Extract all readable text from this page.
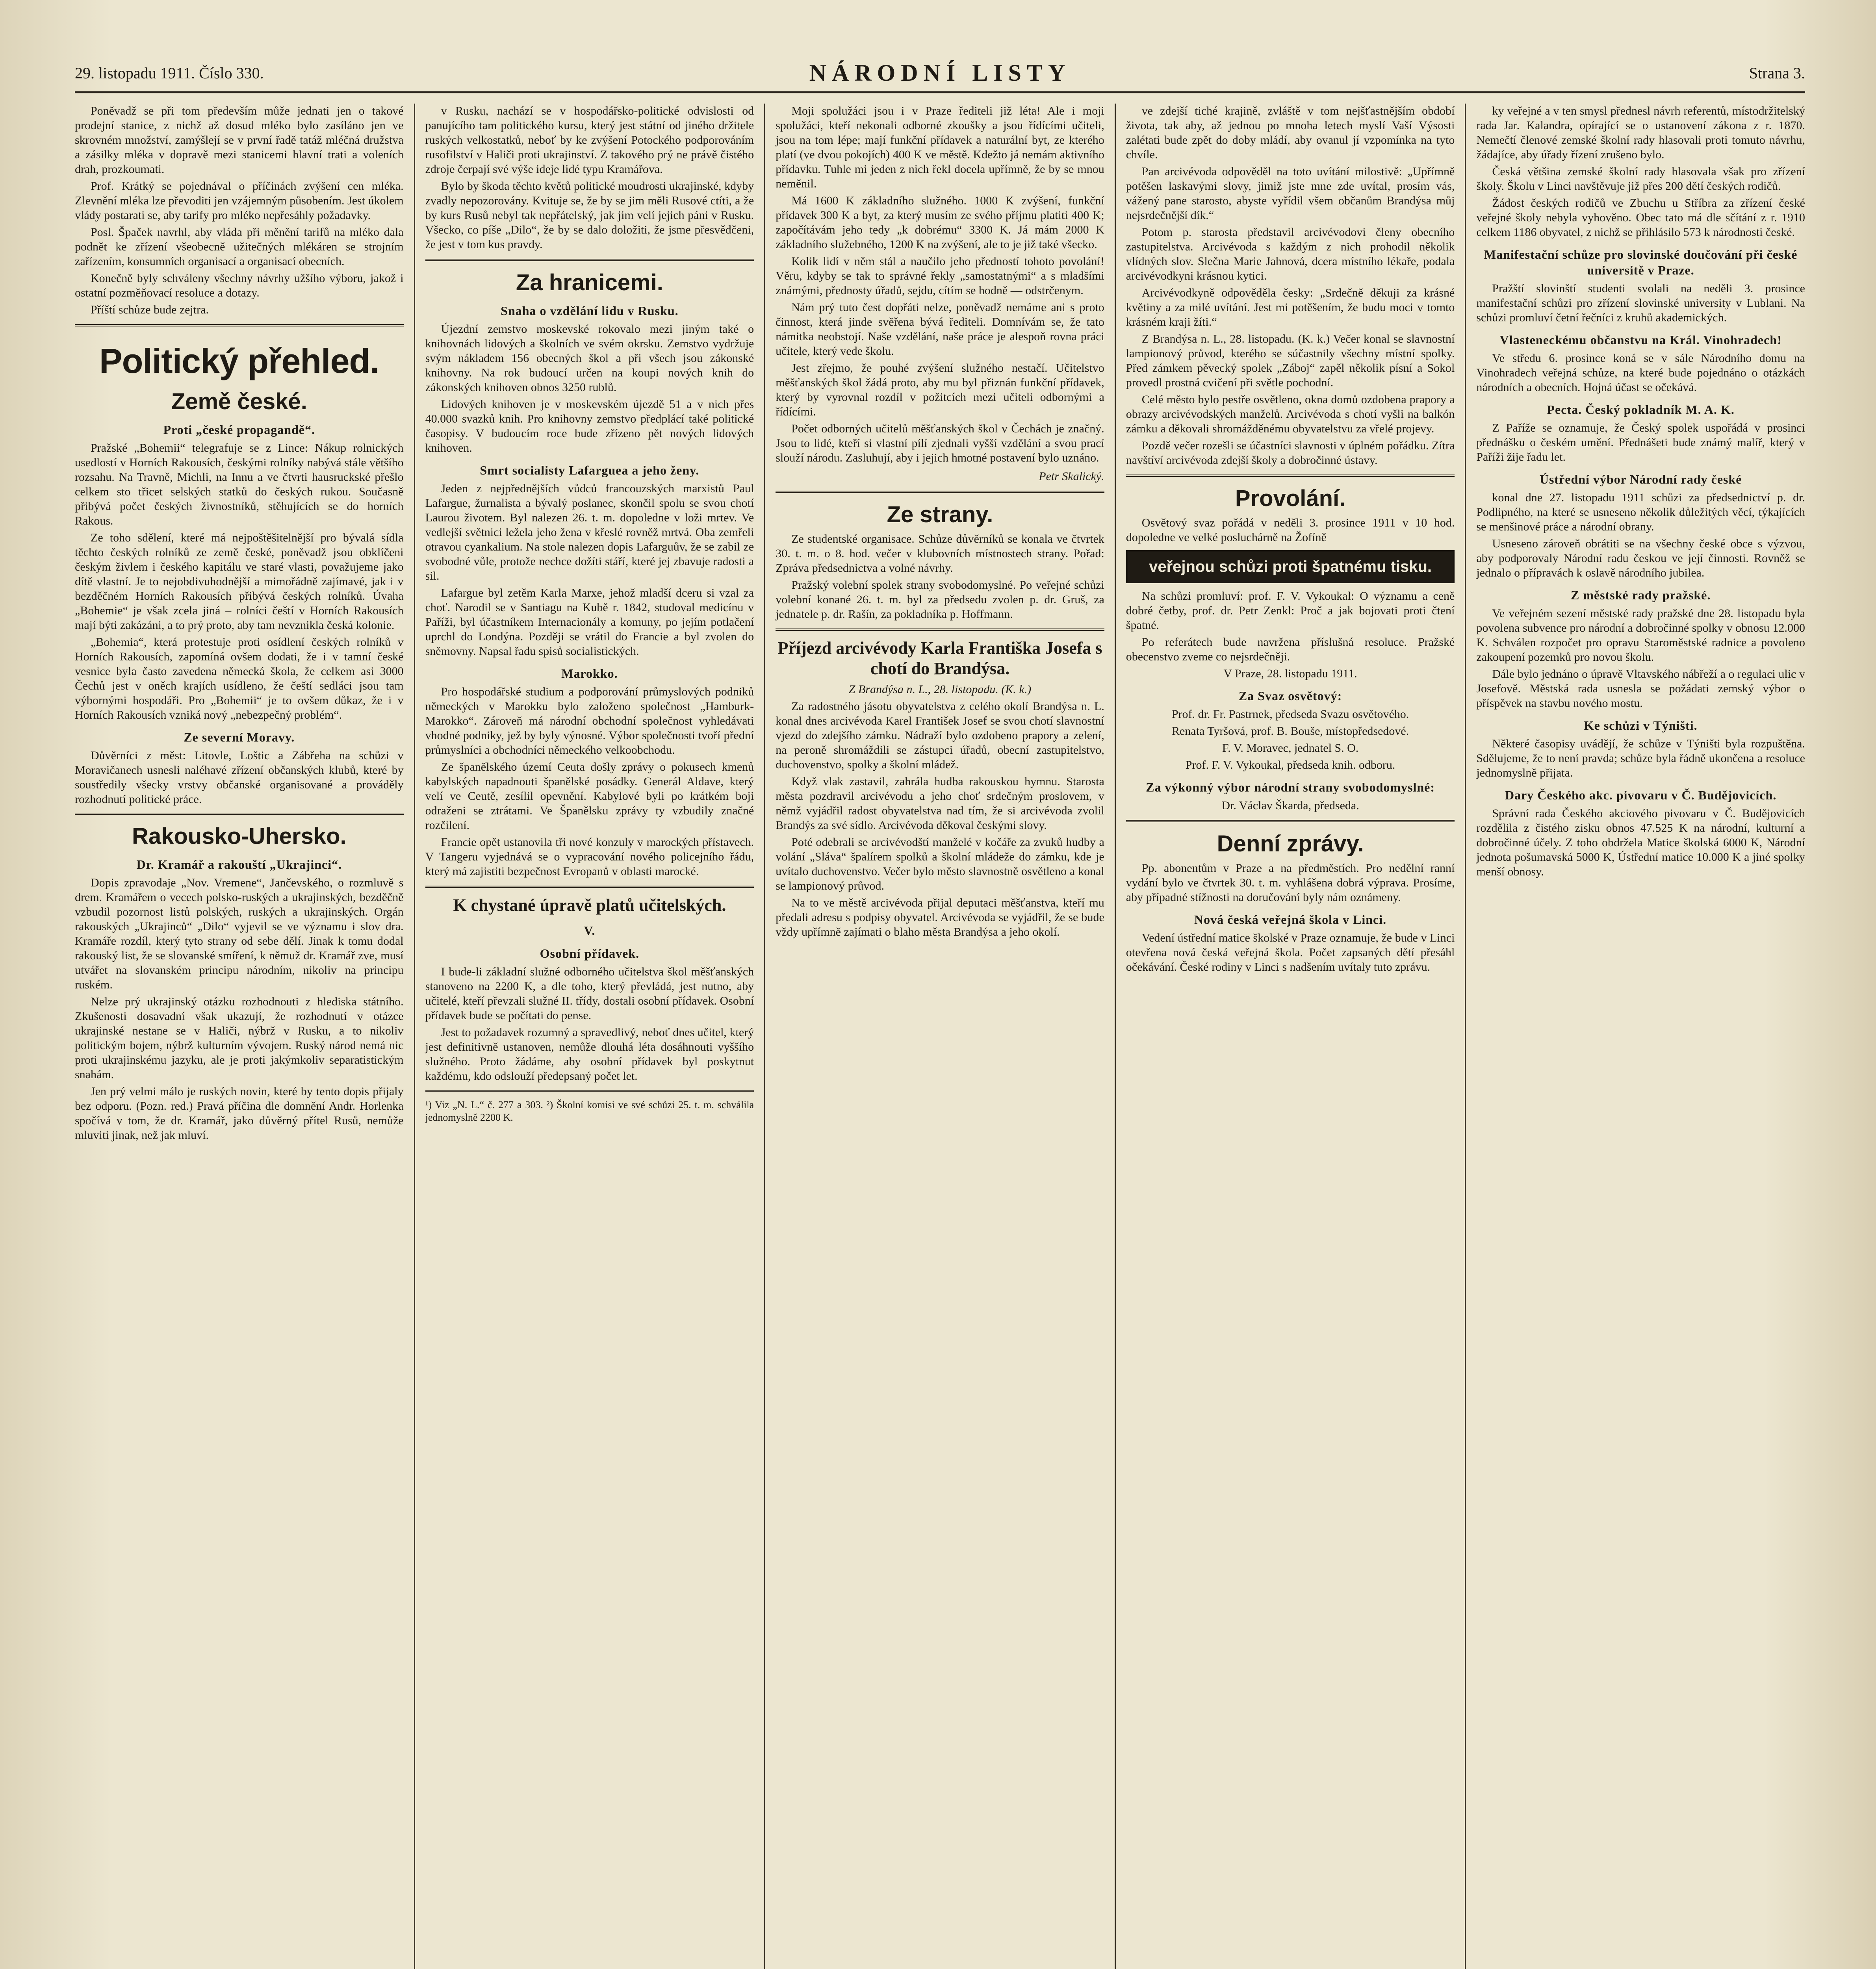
29. listopadu 1911. Číslo 330.	NÁRODNÍ LISTY	Strana 3.

Poněvadž se při tom především může jednati jen o takové prodejní stanice, z nichž až dosud mléko bylo zasíláno jen ve skrovném množství, zamýšlejí se v první řadě tatáž mléčná družstva a zásilky mléka v dopravě mezi stanicemi hlavní trati a voleních drah, prozkoumati.

Prof. Krátký se pojednával o příčinách zvýšení cen mléka. Zlevnění mléka lze převoditi jen vzájemným působením. Jest úkolem vlády postarati se, aby tarify pro mléko nepřesáhly požadavky.

Posl. Špaček navrhl, aby vláda při měnění tarifů na mléko dala podnět ke zřízení všeobecně užitečných mlékáren se strojním zařízením, konsumních organisací a organisací obecních.

Konečně byly schváleny všechny návrhy užšího výboru, jakož i ostatní pozměňovací resoluce a dotazy.

Příští schůze bude zejtra.

Politický přehled.
Země české.
Proti „české propagandě“.

Pražské „Bohemii“ telegrafuje se z Lince: Nákup rolnických usedlostí v Horních Rakousích, českými rolníky nabývá stále většího rozsahu. Na Travně, Michli, na Innu a ve čtvrti hausruckské přešlo celkem sto třicet selských statků do českých rukou. Současně přibývá počet českých živnostníků, stěhujících se do horních Rakous.

Ze toho sdělení, které má nejpoštěšitelnější pro bývalá sídla těchto českých rolníků ze země české, poněvadž jsou obklíčeni českým živlem i českého kapitálu ve staré vlasti, považujeme jako dítě vlastní. Je to nejobdivuhodnější a mimořádně zajímavé, jak i v bezděčném Horních Rakousích přibývá českých rolníků. Úvaha „Bohemie“ je však zcela jiná – rolníci čeští v Horních Rakousích mají býti zakázáni, a to prý proto, aby tam nevznikla česká kolonie.

„Bohemia“, která protestuje proti osídlení českých rolníků v Horních Rakousích, zapomíná ovšem dodati, že i v tamní české vesnice byla často zavedena německá škola, že celkem asi 3000 Čechů jest v oněch krajích usídleno, že čeští sedláci jsou tam výbornými hospodáři. Pro „Bohemii“ je to ovšem důkaz, že i v Horních Rakousích vzniká nový „nebezpečný problém“.

Ze severní Moravy.

Důvěrníci z měst: Litovle, Loštic a Zábřeha na schůzi v Moravičanech usnesli naléhavé zřízení občanských klubů, které by soustředily všecky vrstvy občanské organisované a prováděly rozhodnutí politické práce.

Rakousko-Uhersko.
Dr. Kramář a rakouští „Ukrajinci“.

Dopis zpravodaje „Nov. Vremene“, Jančevského, o rozmluvě s drem. Kramářem o vecech polsko-ruských a ukrajinských, bezděčně vzbudil pozornost listů polských, ruských a ukrajinských. Orgán rakouských „Ukrajinců“ „Dilo“ vyjevil se ve významu i slov dra. Kramáře rozdíl, který tyto strany od sebe dělí. Jinak k tomu dodal rakouský list, že se slovanské smíření, k němuž dr. Kramář zve, musí utvářet na slovanském principu národním, nikoliv na principu ruském.

Nelze prý ukrajinský otázku rozhodnouti z hlediska státního. Zkušenosti dosavadní však ukazují, že rozhodnutí v otázce ukrajinské nestane se v Haliči, nýbrž v Rusku, a to nikoliv politickým bojem, nýbrž kulturním vývojem. Ruský národ nemá nic proti ukrajinskému jazyku, ale je proti jakýmkoliv separatistickým snahám.

Jen prý velmi málo je ruských novin, které by tento dopis přijaly bez odporu. (Pozn. red.) Pravá příčina dle domnění Andr. Horlenka spočívá v tom, že dr. Kramář, jako důvěrný přítel Rusů, nemůže mluviti jinak, než jak mluví.

v Rusku, nachází se v hospodářsko-politické odvislosti od panujícího tam politického kursu, který jest státní od jiného držitele ruských velkostatků, neboť by ke zvýšení Potockého podporováním rusofilství v Haliči proti ukrajinství. Z takového prý ne právě čistého zdroje čerpají své výše ideje lidé typu Kramářova.

Bylo by škoda těchto květů politické moudrosti ukrajinské, kdyby zvadly nepozorovány. Kvituje se, že by se jim měli Rusové ctíti, a že by kurs Rusů nebyl tak nepřátelský, jak jim velí jejich páni v Rusku. Všecko, co píše „Dilo“, že by se dalo doložiti, že jsme přesvědčeni, že jest v tom kus pravdy.

Za hranicemi.
Snaha o vzdělání lidu v Rusku.

Újezdní zemstvo moskevské rokovalo mezi jiným také o knihovnách lidových a školních ve svém okrsku. Zemstvo vydržuje svým nákladem 156 obecných škol a při všech jsou zákonské knihovny. Na rok budoucí určen na koupi nových knih do zákonských knihoven obnos 3250 rublů.

Lidových knihoven je v moskevském újezdě 51 a v nich přes 40.000 svazků knih. Pro knihovny zemstvo předplácí také politické časopisy. V budoucím roce bude zřízeno pět nových lidových knihoven.

Smrt socialisty Lafarguea a jeho ženy.

Jeden z nejpřednějších vůdců francouzských marxistů Paul Lafargue, žurnalista a bývalý poslanec, skončil spolu se svou chotí Laurou životem. Byl nalezen 26. t. m. dopoledne v loži mrtev. Ve vedlejší světnici ležela jeho žena v křeslé rovněž mrtvá. Oba zemřeli otravou cyankalium. Na stole nalezen dopis Lafarguův, že se zabil ze svobodné vůle, protože nechce dožíti stáří, které jej zbavuje radosti a sil.

Lafargue byl zetěm Karla Marxe, jehož mladší dceru si vzal za choť. Narodil se v Santiagu na Kubě r. 1842, studoval medicínu v Paříži, byl účastníkem Internacionály a komuny, po jejím potlačení uprchl do Londýna. Později se vrátil do Francie a byl zvolen do sněmovny. Napsal řadu spisů socialistických.

Marokko.

Pro hospodářské studium a podporování průmyslových podniků německých v Marokku bylo založeno společnost „Hamburk-Marokko“. Zároveň má národní obchodní společnost vyhledávati vhodné podniky, jež by byly výnosné. Výbor společnosti tvoří přední průmyslníci a obchodníci německého velkoobchodu.

Ze španělského území Ceuta došly zprávy o pokusech kmenů kabylských napadnouti španělské posádky. Generál Aldave, který velí ve Ceutě, zesílil opevnění. Kabylové byli po krátkém boji odraženi se ztrátami. Ve Španělsku zprávy ty vzbudily značné rozčilení.

Francie opět ustanovila tři nové konzuly v marockých přístavech. V Tangeru vyjednává se o vypracování nového policejního řádu, který má zajistiti bezpečnost Evropanů v oblasti marocké.

K chystané úpravě platů učitelských.
V.
Osobní přídavek.

I bude-li základní služné odborného učitelstva škol měšťanských stanoveno na 2200 K, a dle toho, který převládá, jest nutno, aby učitelé, kteří převzali služné II. třídy, dostali osobní přídavek. Osobní přídavek bude se počítati do pense.

Jest to požadavek rozumný a spravedlivý, neboť dnes učitel, který jest definitivně ustanoven, nemůže dlouhá léta dosáhnouti vyššího služného. Proto žádáme, aby osobní přídavek byl poskytnut každému, kdo odslouží předepsaný počet let.

¹) Viz „N. L.“ č. 277 a 303. ²) Školní komisi ve své schůzi 25. t. m. schválila jednomyslně 2200 K.

Moji spolužáci jsou i v Praze řediteli již léta! Ale i moji spolužáci, kteří nekonali odborné zkoušky a jsou řídícími učiteli, jsou na tom lépe; mají funkční přídavek a naturální byt, ze kterého platí (ve dvou pokojích) 400 K ve městě. Kdežto já nemám aktivního přídavku. Tuhle mi jeden z nich řekl docela upřímně, že by se mnou neměnil.

Má 1600 K základního služného. 1000 K zvýšení, funkční přídavek 300 K a byt, za který musím ze svého příjmu platiti 400 K; započítávám jeho tedy „k dobrému“ 3300 K. Já mám 2000 K základního služebného, 1200 K na zvýšení, ale to je již také všecko.

Kolik lidí v něm stál a naučilo jeho předností tohoto povolání! Věru, kdyby se tak to správné řekly „samostatnými“ a s mladšími známými, přednosty úřadů, sejdu, cítím se hodně — odstrčenym.

Nám prý tuto čest dopřáti nelze, poněvadž nemáme ani s proto činnost, která jinde svěřena bývá řediteli. Domnívám se, že tato námitka neobstojí. Naše vzdělání, naše práce je alespoň rovna práci učitele, který vede školu.

Jest zřejmo, že pouhé zvýšení služného nestačí. Učitelstvo měšťanských škol žádá proto, aby mu byl přiznán funkční přídavek, který by vyrovnal rozdíl v požitcích mezi učiteli odbornými a řídícími.

Počet odborných učitelů měšťanských škol v Čechách je značný. Jsou to lidé, kteří si vlastní pílí zjednali vyšší vzdělání a svou prací slouží národu. Zasluhují, aby i jejich hmotné postavení bylo uznáno.

Petr Skalický.
Ze strany.

Ze studentské organisace. Schůze důvěrníků se konala ve čtvrtek 30. t. m. o 8. hod. večer v klubovních místnostech strany. Pořad: Zpráva předsednictva a volné návrhy.

Pražský volební spolek strany svobodomyslné. Po veřejné schůzi volební konané 26. t. m. byl za předsedu zvolen p. dr. Gruš, za jednatele p. dr. Rašín, za pokladníka p. Hoffmann.

Příjezd arcivévody Karla Františka Josefa s chotí do Brandýsa.

Z Brandýsa n. L., 28. listopadu. (K. k.)

Za radostného jásotu obyvatelstva z celého okolí Brandýsa n. L. konal dnes arcivévoda Karel František Josef se svou chotí slavnostní vjezd do zdejšího zámku. Nádraží bylo ozdobeno prapory a zelení, na peroně shromáždili se zástupci úřadů, obecní zastupitelstvo, duchovenstvo, spolky a školní mládež.

Když vlak zastavil, zahrála hudba rakouskou hymnu. Starosta města pozdravil arcivévodu a jeho choť srdečným proslovem, v němž vyjádřil radost obyvatelstva nad tím, že si arcivévoda zvolil Brandýs za své sídlo. Arcivévoda děkoval českými slovy.

Poté odebrali se arcivévodští manželé v kočáře za zvuků hudby a volání „Sláva“ špalírem spolků a školní mládeže do zámku, kde je uvítalo duchovenstvo. Večer bylo město slavnostně osvětleno a konal se lampionový průvod.

Na to ve městě arcivévoda přijal deputaci měšťanstva, kteří mu předali adresu s podpisy obyvatel. Arcivévoda se vyjádřil, že se bude vždy upřímně zajímati o blaho města Brandýsa a jeho okolí.

ve zdejší tiché krajině, zvláště v tom nejšťastnějším období života, tak aby, až jednou po mnoha letech myslí Vaší Výsosti zalétati bude zpět do doby mládí, aby ovanul jí vzpomínka na tyto chvíle.

Pan arcivévoda odpověděl na toto uvítání milostivě: „Upřímně potěšen laskavými slovy, jimiž jste mne zde uvítal, prosím vás, vážený pane starosto, abyste vyřídil všem občanům Brandýsa můj nejsrdečnější dík.“

Potom p. starosta představil arcivévodovi členy obecního zastupitelstva. Arcivévoda s každým z nich prohodil několik vlídných slov. Slečna Marie Jahnová, dcera místního lékaře, podala arcivévodkyni krásnou kytici.

Arcivévodkyně odpověděla česky: „Srdečně děkuji za krásné květiny a za milé uvítání. Jest mi potěšením, že budu moci v tomto krásném kraji žíti.“

Z Brandýsa n. L., 28. listopadu. (K. k.) Večer konal se slavnostní lampionový průvod, kterého se súčastnily všechny místní spolky. Před zámkem pěvecký spolek „Záboj“ zapěl několik písní a Sokol provedl prostná cvičení při světle pochodní.

Celé město bylo pestře osvětleno, okna domů ozdobena prapory a obrazy arcivévodských manželů. Arcivévoda s chotí vyšli na balkón zámku a děkovali shromážděnému obyvatelstvu za vřelé projevy.

Pozdě večer rozešli se účastníci slavnosti v úplném pořádku. Zítra navštíví arcivévoda zdejší školy a dobročinné ústavy.

Provolání.

Osvětový svaz pořádá v neděli 3. prosince 1911 v 10 hod. dopoledne ve velké posluchárně na Žofíně

veřejnou schůzi proti špatnému tisku.

Na schůzi promluví: prof. F. V. Vykoukal: O významu a ceně dobré četby, prof. dr. Petr Zenkl: Proč a jak bojovati proti čtení špatné.

Po referátech bude navržena příslušná resoluce. Pražské obecenstvo zveme co nejsrdečněji.

V Praze, 28. listopadu 1911.

Za Svaz osvětový:

Prof. dr. Fr. Pastrnek, předseda Svazu osvětového.

Renata Tyršová, prof. B. Bouše, místopředsedové.

F. V. Moravec, jednatel S. O.

Prof. F. V. Vykoukal, předseda knih. odboru.

Za výkonný výbor národní strany svobodomyslné:

Dr. Václav Škarda, předseda.

Denní zprávy.

Pp. abonentům v Praze a na předměstích. Pro nedělní ranní vydání bylo ve čtvrtek 30. t. m. vyhlášena dobrá výprava. Prosíme, aby případné stížnosti na doručování byly nám oznámeny.

Nová česká veřejná škola v Linci.

Vedení ústřední matice školské v Praze oznamuje, že bude v Linci otevřena nová česká veřejná škola. Počet zapsaných dětí přesáhl očekávání. České rodiny v Linci s nadšením uvítaly tuto zprávu.

ky veřejné a v ten smysl přednesl návrh referentů, místodržitelský rada Jar. Kalandra, opírající se o ustanovení zákona z r. 1870. Nemečtí členové zemské školní rady hlasovali proti tomuto návrhu, žádajíce, aby úřady řízení zrušeno bylo.

Česká většina zemské školní rady hlasovala však pro zřízení školy. Školu v Linci navštěvuje již přes 200 dětí českých rodičů.

Žádost českých rodičů ve Zbuchu u Stříbra za zřízení české veřejné školy nebyla vyhověno. Obec tato má dle sčítání z r. 1910 celkem 1186 obyvatel, z nichž se přihlásilo 573 k národnosti české.

Manifestační schůze pro slovinské doučování při české universitě v Praze.

Pražští slovinští studenti svolali na neděli 3. prosince manifestační schůzi pro zřízení slovinské university v Lublani. Na schůzi promluví četní řečníci z kruhů akademických.

Vlasteneckému občanstvu na Král. Vinohradech!

Ve středu 6. prosince koná se v sále Národního domu na Vinohradech veřejná schůze, na které bude pojednáno o otázkách národních a obecních. Hojná účast se očekává.

Pecta. Český pokladník M. A. K.

Z Paříže se oznamuje, že Český spolek uspořádá v prosinci přednášku o českém umění. Přednášeti bude známý malíř, který v Paříži žije řadu let.

Ústřední výbor Národní rady české

konal dne 27. listopadu 1911 schůzi za předsednictví p. dr. Podlipného, na které se usneseno několik důležitých věcí, týkajících se menšinové práce a národní obrany.

Usneseno zároveň obrátiti se na všechny české obce s výzvou, aby podporovaly Národní radu českou ve její činnosti. Rovněž se jednalo o přípravách k oslavě národního jubilea.

Z městské rady pražské.

Ve veřejném sezení městské rady pražské dne 28. listopadu byla povolena subvence pro národní a dobročinné spolky v obnosu 12.000 K. Schválen rozpočet pro opravu Staroměstské radnice a povoleno zakoupení pozemků pro novou školu.

Dále bylo jednáno o úpravě Vltavského nábřeží a o regulaci ulic v Josefově. Městská rada usnesla se požádati zemský výbor o příspěvek na stavbu nového mostu.

Ke schůzi v Týništi.

Některé časopisy uvádějí, že schůze v Týništi byla rozpuštěna. Sdělujeme, že to není pravda; schůze byla řádně ukončena a resoluce jednomyslně přijata.

Dary Českého akc. pivovaru v Č. Budějovicích.

Správní rada Českého akciového pivovaru v Č. Budějovicích rozdělila z čistého zisku obnos 47.525 K na národní, kulturní a dobročinné účely. Z toho obdržela Matice školská 6000 K, Národní jednota pošumavská 5000 K, Ústřední matice 10.000 K a jiné spolky menší obnosy.
